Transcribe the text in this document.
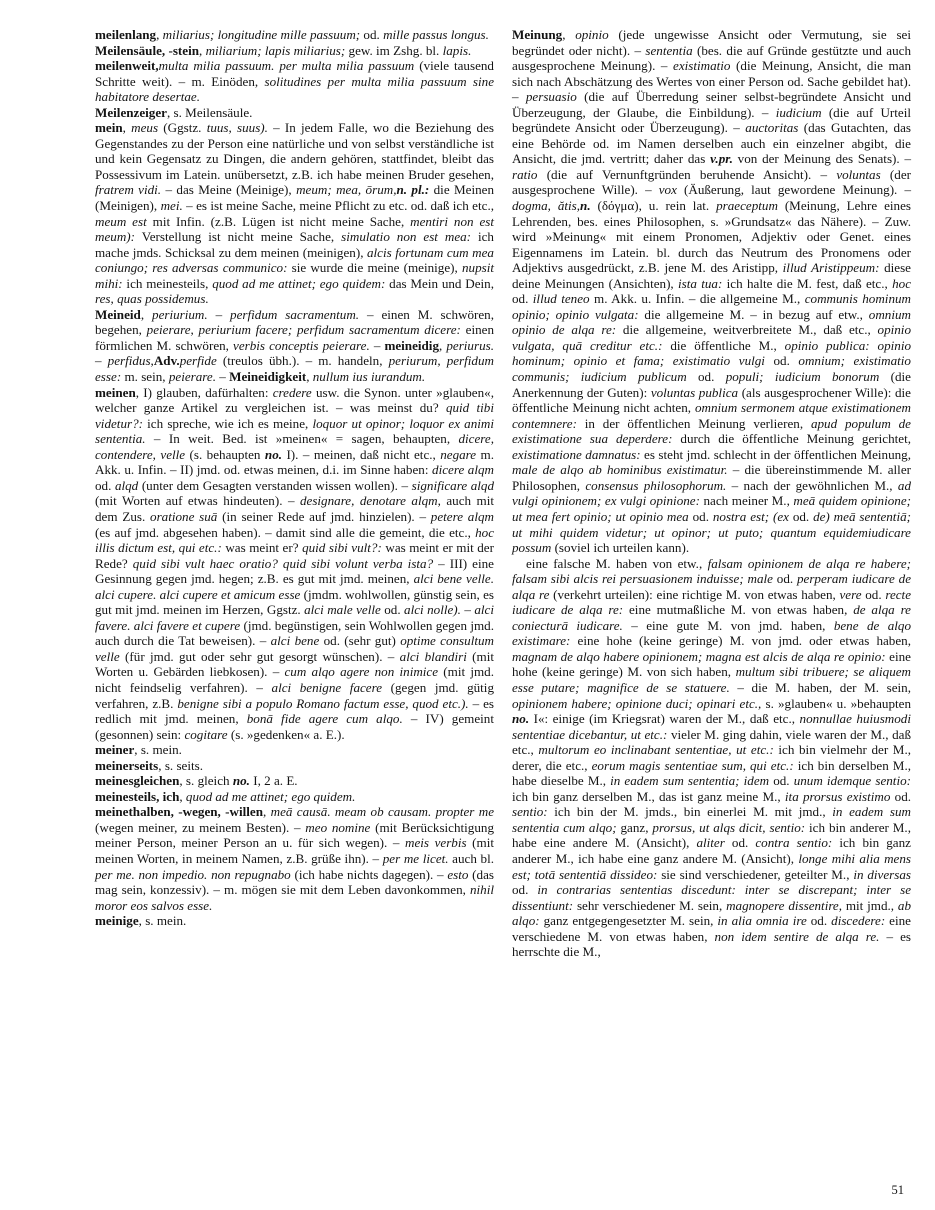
meilenlang, miliarius; longitudine mille passuum; od. mille passus longus.

Meilensäule, -stein, miliarium; lapis miliarius; gew. im Zshg. bl. lapis.

meilenweit,multa milia passuum. per multa milia passuum (viele tausend Schritte weit). – m. Einöden, solitudines per multa milia passuum sine habitatore desertae.

Meilenzeiger, s. Meilensäule.

mein, meus (Ggstz. tuus, suus). – In jedem Falle, wo die Beziehung des Gegenstandes zu der Person eine natürliche und von selbst verständliche ist und kein Gegensatz zu Dingen, die andern gehören, stattfindet, bleibt das Possessivum im Latein. unübersetzt, z.B. ich habe meinen Bruder gesehen, fratrem vidi. – das Meine (Meinige), meum; mea, ōrum,n. pl.: die Meinen (Meinigen), mei. – es ist meine Sache, meine Pflicht zu etc. od. daß ich etc., meum est mit Infin. (z.B. Lügen ist nicht meine Sache, mentiri non est meum): Verstellung ist nicht meine Sache, simulatio non est mea: ich mache jmds. Schicksal zu dem meinen (meinigen), alcis fortunam cum mea coniungo; res adversas communico: sie wurde die meine (meinige), nupsit mihi: ich meinesteils, quod ad me attinet; ego quidem: das Mein und Dein, res, quas possidemus.

Meineid, periurium. – perfidum sacramentum. – einen M. schwören, begehen, peierare, periurium facere; perfidum sacramentum dicere: einen förmlichen M. schwören, verbis conceptis peierare. – meineidig, periurus. – perfidus,Adv.perfide (treulos übh.). – m. handeln, periurum, perfidum esse: m. sein, peierare. – Meineidigkeit, nullum ius iurandum.

meinen, I) glauben, dafürhalten: credere usw. die Synon. unter »glauben«, welcher ganze Artikel zu vergleichen ist. – was meinst du? quid tibi videtur?: ich spreche, wie ich es meine, loquor ut opinor; loquor ex animi sententia. – In weit. Bed. ist »meinen« = sagen, behaupten, dicere, contendere, velle (s. behaupten no. I). – meinen, daß nicht etc., negare m. Akk. u. Infin. – II) jmd. od. etwas meinen, d.i. im Sinne haben: dicere alqm od. alqd (unter dem Gesagten verstanden wissen wollen). – significare alqd (mit Worten auf etwas hindeuten). – designare, denotare alqm, auch mit dem Zus. oratione suā (in seiner Rede auf jmd. hinzielen). – petere alqm (es auf jmd. abgesehen haben). – damit sind alle die gemeint, die etc., hoc illis dictum est, qui etc.: was meint er? quid sibi vult?: was meint er mit der Rede? quid sibi vult haec oratio? quid sibi volunt verba ista? – III) eine Gesinnung gegen jmd. hegen; z.B. es gut mit jmd. meinen, alci bene velle. alci cupere. alci cupere et amicum esse (jmdm. wohlwollen, günstig sein, es gut mit jmd. meinen im Herzen, Ggstz. alci male velle od. alci nolle). – alci favere. alci favere et cupere (jmd. begünstigen, sein Wohlwollen gegen jmd. auch durch die Tat beweisen). – alci bene od. (sehr gut) optime consultum velle (für jmd. gut oder sehr gut gesorgt wünschen). – alci blandiri (mit Worten u. Gebärden liebkosen). – cum alqo agere non inimice (mit jmd. nicht feindselig verfahren). – alci benigne facere (gegen jmd. gütig verfahren, z.B. benigne sibi a populo Romano factum esse, quod etc.). – es redlich mit jmd. meinen, bonā fide agere cum alqo. – IV) gemeint (gesonnen) sein: cogitare (s. »gedenken« a. E.).

meiner, s. mein.

meinerseits, s. seits.

meinesgleichen, s. gleich no. I, 2 a. E.

meinesteils, ich, quod ad me attinet; ego quidem.

meinethalben, -wegen, -willen, meā causā. meam ob causam. propter me (wegen meiner, zu meinem Besten). – meo nomine (mit Berücksichtigung meiner Person, meiner Person an u. für sich wegen). – meis verbis (mit meinen Worten, in meinem Namen, z.B. grüße ihn). – per me licet. auch bl. per me. non impedio. non repugnabo (ich habe nichts dagegen). – esto (das mag sein, konzessiv). – m. mögen sie mit dem Leben davonkommen, nihil moror eos salvos esse.

meinige, s. mein.

Meinung, opinio (jede ungewisse Ansicht oder Vermutung, sie sei begründet oder nicht). – sententia (bes. die auf Gründe gestützte und auch ausgesprochene Meinung). – existimatio (die Meinung, Ansicht, die man sich nach Abschätzung des Wertes von einer Person od. Sache gebildet hat). – persuasio (die auf Überredung seiner selbst-begründete Ansicht und Überzeugung, der Glaube, die Einbildung). – iudicium (die auf Urteil begründete Ansicht oder Überzeugung). – auctoritas (das Gutachten, das eine Behörde od. im Namen derselben auch ein einzelner abgibt, die Ansicht, die jmd. vertritt; daher das v.pr. von der Meinung des Senats). – ratio (die auf Vernunftgründen beruhende Ansicht). – voluntas (der ausgesprochene Wille). – vox (Äußerung, laut gewordene Meinung). – dogma, ătis,n. (δόγμα), u. rein lat. praeceptum (Meinung, Lehre eines Lehrenden, bes. eines Philosophen, s. »Grundsatz« das Nähere). – Zuw. wird »Meinung« mit einem Pronomen, Adjektiv oder Genet. eines Eigennamens im Latein. bl. durch das Neutrum des Pronomens oder Adjektivs ausgedrückt, z.B. jene M. des Aristipp, illud Aristippeum: diese deine Meinungen (Ansichten), ista tua: ich halte die M. fest, daß etc., hoc od. illud teneo m. Akk. u. Infin. – die allgemeine M., communis hominum opinio; opinio vulgata: die allgemeine M. – in bezug auf etw., omnium opinio de alqa re: die allgemeine, weitverbreitete M., daß etc., opinio vulgata, quā creditur etc.: die öffentliche M., opinio publica: opinio hominum; opinio et fama; existimatio vulgi od. omnium; existimatio communis; iudicium publicum od. populi; iudicium bonorum (die Anerkennung der Guten): voluntas publica (als ausgesprochener Wille): die öffentliche Meinung nicht achten, omnium sermonem atque existimationem contemnere: in der öffentlichen Meinung verlieren, apud populum de existimatione sua deperdere: durch die öffentliche Meinung gerichtet, existimatione damnatus: es steht jmd. schlecht in der öffentlichen Meinung, male de alqo ab hominibus existimatur. – die übereinstimmende M. aller Philosophen, consensus philosophorum. – nach der gewöhnlichen M., ad vulgi opinionem; ex vulgi opinione: nach meiner M., meā quidem opinione; ut mea fert opinio; ut opinio mea od. nostra est; (ex od. de) meā sententiā; ut mihi quidem videtur; ut opinor; ut puto; quantum equidemiudicare possum (soviel ich urteilen kann).

eine falsche M. haben von etw., falsam opinionem de alqa re habere; falsam sibi alcis rei persuasionem induisse; male od. perperam iudicare de alqa re (verkehrt urteilen): eine richtige M. von etwas haben, vere od. recte iudicare de alqa re: eine mutmaßliche M. von etwas haben, de alqa re coniecturā iudicare. – eine gute M. von jmd. haben, bene de alqo existimare: eine hohe (keine geringe) M. von jmd. oder etwas haben, magnam de alqo habere opinionem; magna est alcis de alqa re opinio: eine hohe (keine geringe) M. von sich haben, multum sibi tribuere; se aliquem esse putare; magnifice de se statuere. – die M. haben, der M. sein, opinionem habere; opinione duci; opinari etc., s. »glauben« u. »behaupten no. I«: einige (im Kriegsrat) waren der M., daß etc., nonnullae huiusmodi sententiae dicebantur, ut etc.: vieler M. ging dahin, viele waren der M., daß etc., multorum eo inclinabant sententiae, ut etc.: ich bin vielmehr der M., derer, die etc., eorum magis sententiae sum, qui etc.: ich bin derselben M., habe dieselbe M., in eadem sum sententia; idem od. unum idemque sentio: ich bin ganz derselben M., das ist ganz meine M., ita prorsus existimo od. sentio: ich bin der M. jmds., bin einerlei M. mit jmd., in eadem sum sententia cum alqo; ganz, prorsus, ut alqs dicit, sentio: ich bin anderer M., habe eine andere M. (Ansicht), aliter od. contra sentio: ich bin ganz anderer M., ich habe eine ganz andere M. (Ansicht), longe mihi alia mens est; totā sententiā dissideo: sie sind verschiedener, geteilter M., in diversas od. in contrarias sententias discedunt: inter se discrepant; inter se dissentiunt: sehr verschiedener M. sein, magnopere dissentire, mit jmd., ab alqo: ganz entgegengesetzter M. sein, in alia omnia ire od. discedere: eine verschiedene M. von etwas haben, non idem sentire de alqa re. – es herrschte die M.,

51
